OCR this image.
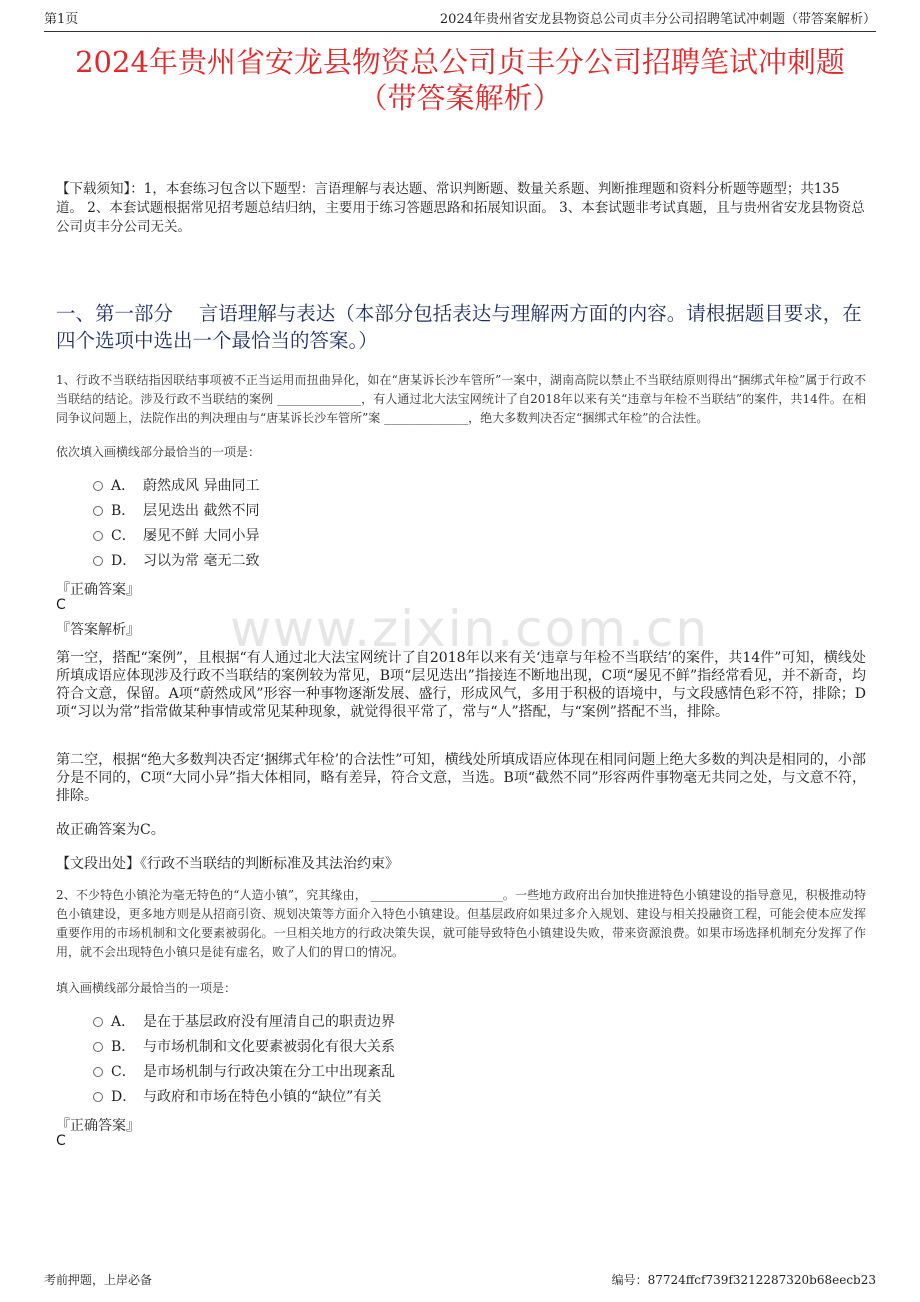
第1页	2024年贵州省安龙县物资总公司贞丰分公司招聘笔试冲刺题（带答案解析）
www.zixin.com.cn
2024年贵州省安龙县物资总公司贞丰分公司招聘笔试冲刺题
（带答案解析）
【下载须知】：1，本套练习包含以下题型：言语理解与表达题、常识判断题、数量关系题、判断推理题和资料分析题等题型；共135道。 2、本套试题根据常见招考题总结归纳，主要用于练习答题思路和拓展知识面。 3、本套试题非考试真题，且与贵州省安龙县物资总公司贞丰分公司无关。
一、第一部分　 言语理解与表达（本部分包括表达与理解两方面的内容。请根据题目要求，在四个选项中选出一个最恰当的答案。）
1、行政不当联结指因联结事项被不正当运用而扭曲异化，如在“唐某诉长沙车管所”一案中，湖南高院以禁止不当联结原则得出“捆绑式年检”属于行政不当联结的结论。涉及行政不当联结的案例 ______________，有人通过北大法宝网统计了自2018年以来有关“违章与年检不当联结”的案件，共14件。在相同争议问题上，法院作出的判决理由与“唐某诉长沙车管所”案 ______________，绝大多数判决否定“捆绑式年检”的合法性。
依次填入画横线部分最恰当的一项是：
A． 蔚然成风 异曲同工
B． 层见迭出 截然不同
C． 屡见不鲜 大同小异
D． 习以为常 毫无二致
『正确答案』
C
『答案解析』
第一空，搭配“案例”，且根据“有人通过北大法宝网统计了自2018年以来有关‘违章与年检不当联结’的案件，共14件”可知，横线处所填成语应体现涉及行政不当联结的案例较为常见，B项“层见迭出”指接连不断地出现，C项“屡见不鲜”指经常看见，并不新奇，均符合文意，保留。A项“蔚然成风”形容一种事物逐渐发展、盛行，形成风气，多用于积极的语境中，与文段感情色彩不符，排除；D项“习以为常”指常做某种事情或常见某种现象，就觉得很平常了，常与“人”搭配，与“案例”搭配不当，排除。
第二空，根据“绝大多数判决否定‘捆绑式年检’的合法性”可知，横线处所填成语应体现在相同问题上绝大多数的判决是相同的，小部分是不同的，C项“大同小异”指大体相同，略有差异，符合文意，当选。B项“截然不同”形容两件事物毫无共同之处，与文意不符，排除。
故正确答案为C。
【文段出处】《行政不当联结的判断标准及其法治约束》
2、不少特色小镇沦为毫无特色的“人造小镇”，究其缘由， ______________________。一些地方政府出台加快推进特色小镇建设的指导意见，积极推动特色小镇建设，更多地方则是从招商引资、规划决策等方面介入特色小镇建设。但基层政府如果过多介入规划、建设与相关投融资工程，可能会使本应发挥重要作用的市场机制和文化要素被弱化。一旦相关地方的行政决策失误，就可能导致特色小镇建设失败，带来资源浪费。如果市场选择机制充分发挥了作用，就不会出现特色小镇只是徒有虚名，败了人们的胃口的情况。
填入画横线部分最恰当的一项是：
A． 是在于基层政府没有厘清自己的职责边界
B． 与市场机制和文化要素被弱化有很大关系
C． 是市场机制与行政决策在分工中出现紊乱
D． 与政府和市场在特色小镇的“缺位”有关
『正确答案』
C
考前押题，上岸必备	编号：87724ffcf739f3212287320b68eecb23
